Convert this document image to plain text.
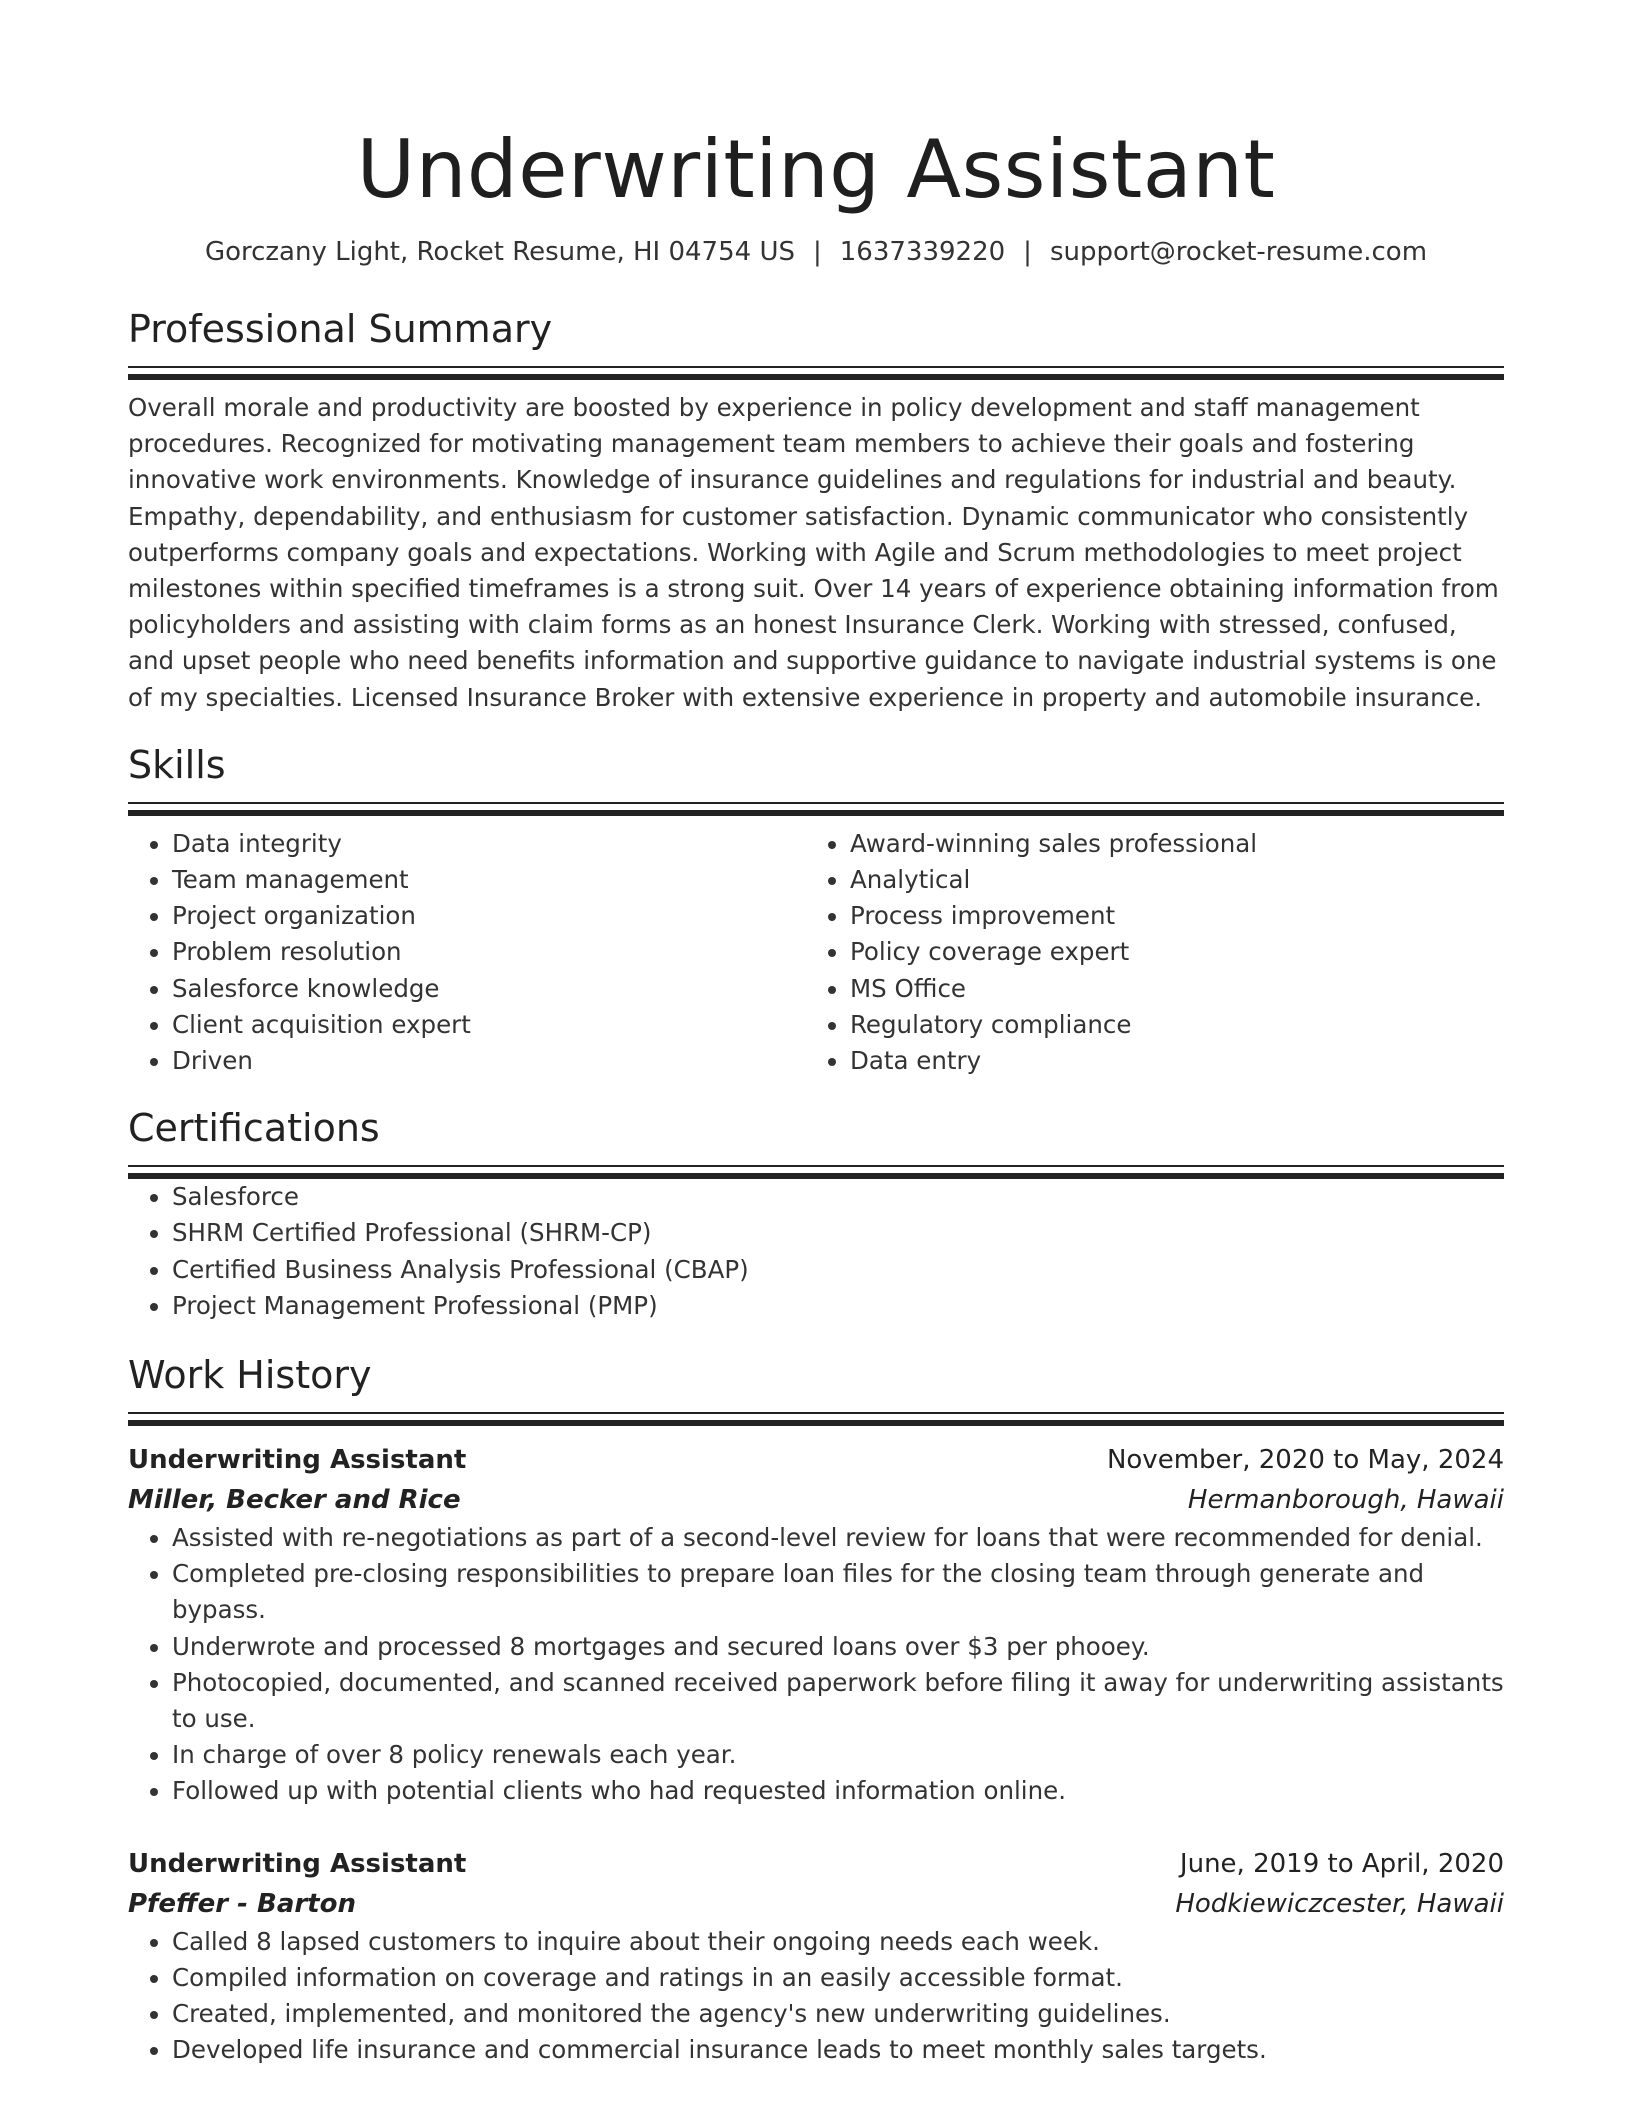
Underwriting Assistant
Gorczany Light, Rocket Resume, HI 04754 US | 1637339220 | support@rocket-resume.com
Professional Summary

Overall morale and productivity are boosted by experience in policy development and staff management procedures. Recognized for motivating management team members to achieve their goals and fostering innovative work environments. Knowledge of insurance guidelines and regulations for industrial and beauty. Empathy, dependability, and enthusiasm for customer satisfaction. Dynamic communicator who consistently outperforms company goals and expectations. Working with Agile and Scrum methodologies to meet project milestones within specified timeframes is a strong suit. Over 14 years of experience obtaining information from policyholders and assisting with claim forms as an honest Insurance Clerk. Working with stressed, confused, and upset people who need benefits information and supportive guidance to navigate industrial systems is one of my specialties. Licensed Insurance Broker with extensive experience in property and automobile insurance.

Skills
• Data integrity
• Team management
• Project organization
• Problem resolution
• Salesforce knowledge
• Client acquisition expert
• Driven
• Award-winning sales professional
• Analytical
• Process improvement
• Policy coverage expert
• MS Office
• Regulatory compliance
• Data entry
Certifications
• Salesforce
• SHRM Certified Professional (SHRM-CP)
• Certified Business Analysis Professional (CBAP)
• Project Management Professional (PMP)
Work History
Underwriting Assistant	November, 2020 to May, 2024
Miller, Becker and Rice	Hermanborough, Hawaii
• Assisted with re-negotiations as part of a second-level review for loans that were recommended for denial.
• Completed pre-closing responsibilities to prepare loan files for the closing team through generate and bypass.
• Underwrote and processed 8 mortgages and secured loans over $3 per phooey.
• Photocopied, documented, and scanned received paperwork before filing it away for underwriting assistants to use.
• In charge of over 8 policy renewals each year.
• Followed up with potential clients who had requested information online.
Underwriting Assistant	June, 2019 to April, 2020
Pfeffer - Barton	Hodkiewiczcester, Hawaii
• Called 8 lapsed customers to inquire about their ongoing needs each week.
• Compiled information on coverage and ratings in an easily accessible format.
• Created, implemented, and monitored the agency's new underwriting guidelines.
• Developed life insurance and commercial insurance leads to meet monthly sales targets.
